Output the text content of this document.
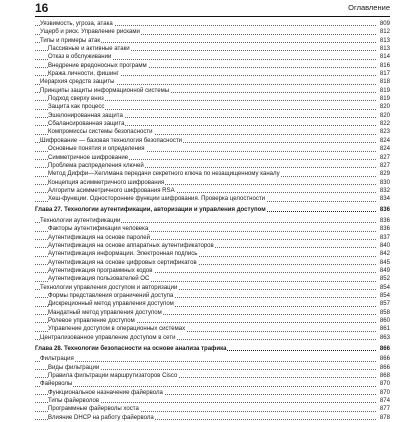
16	Оглавление
Уязвимость, угроза, атака	809
Ущерб и риск. Управление рисками	812
Типы и примеры атак	813
Пассивные и активные атаки	813
Отказ в обслуживании	814
Внедрение вредоносных программ	816
Кража личности, фишинг	817
Иерархия средств защиты	818
Принципы защиты информационной системы	819
Подход сверху вниз	819
Защита как процесс	820
Эшелонированная защита	820
Сбалансированная защита	822
Компромиссы системы безопасности	823
Шифрование — базовая технология безопасности	824
Основные понятия и определения	824
Симметричное шифрование	827
Проблема распределения ключей	827
Метод Диффи—Хеллмана передачи секретного ключа по незащищенному каналу	829
Концепция асимметричного шифрования	830
Алгоритм асимметричного шифрования RSA	832
Хеш-функции. Односторонние функции шифрования. Проверка целостности	834
Глава 27. Технологии аутентификации, авторизации и управления доступом	836
Технологии аутентификации	836
Факторы аутентификации человека	836
Аутентификация на основе паролей	837
Аутентификация на основе аппаратных аутентификаторов	840
Аутентификация информации. Электронная подпись	842
Аутентификация на основе цифровых сертификатов	845
Аутентификация программных кодов	849
Аутентификация пользователей ОС	852
Технологии управления доступом и авторизации	854
Формы представления ограничений доступа	854
Дискреционный метод управления доступом	857
Мандатный метод управления доступом	858
Ролевое управление доступом	860
Управление доступом в операционных системах	861
Централизованное управление доступом в сети	863
Глава 28. Технологии безопасности на основе анализа трафика	866
Фильтрация	866
Виды фильтрации	866
Правила фильтрации маршрутизаторов Cisco	868
Файерволы	870
Функциональное назначение файервола	870
Типы файерволов	874
Программные файерволы хоста	877
Влияние DHCP на работу файервола	878
